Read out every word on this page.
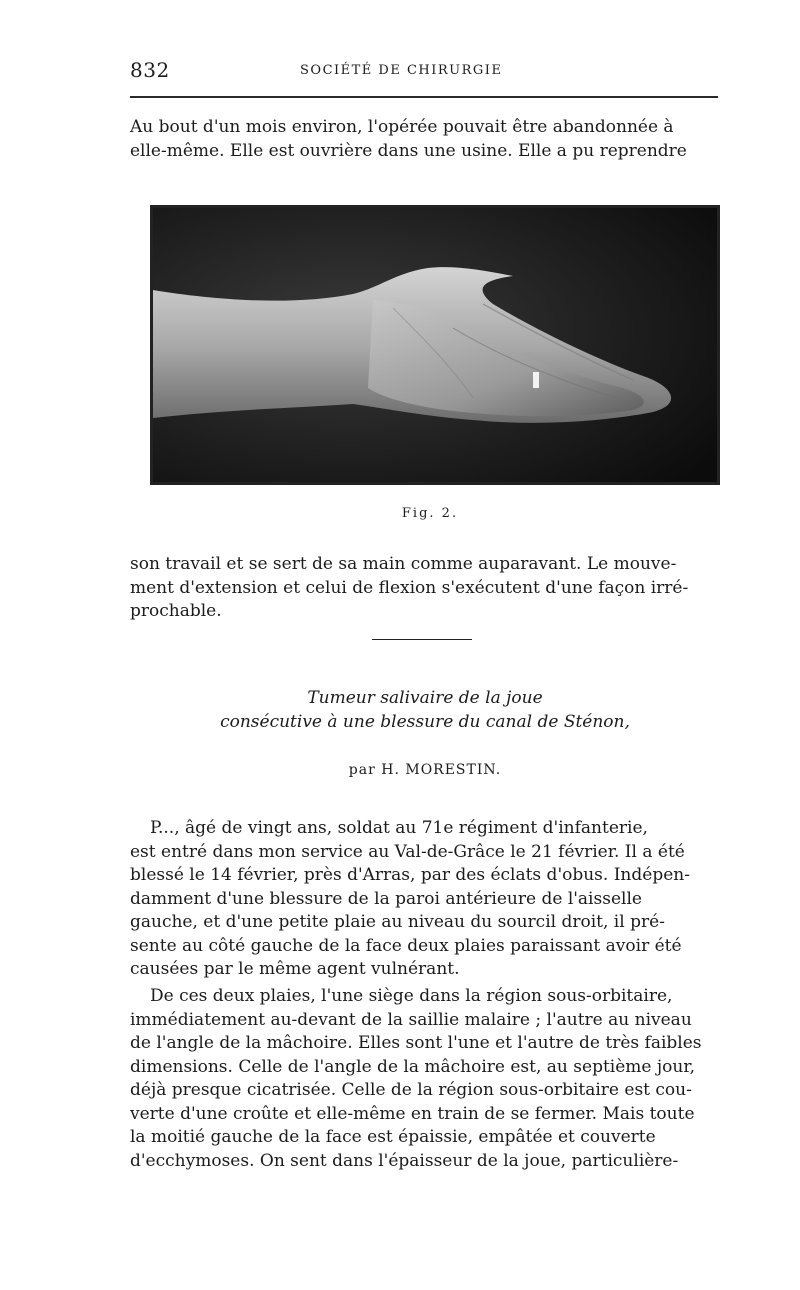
832	SOCIÉTÉ DE CHIRURGIE

Au bout d'un mois environ, l'opérée pouvait être abandonnée à

elle-même. Elle est ouvrière dans une usine. Elle a pu reprendre

Fig. 2.

son travail et se sert de sa main comme auparavant. Le mouve-

ment d'extension et celui de flexion s'exécutent d'une façon irré-

prochable.

Tumeur salivaire de la joue
consécutive à une blessure du canal de Sténon,
par H. MORESTIN.

P..., âgé de vingt ans, soldat au 71e régiment d'infanterie,

est entré dans mon service au Val-de-Grâce le 21 février. Il a été

blessé le 14 février, près d'Arras, par des éclats d'obus. Indépen-

damment d'une blessure de la paroi antérieure de l'aisselle

gauche, et d'une petite plaie au niveau du sourcil droit, il pré-

sente au côté gauche de la face deux plaies paraissant avoir été

causées par le même agent vulnérant.

De ces deux plaies, l'une siège dans la région sous-orbitaire,

immédiatement au-devant de la saillie malaire ; l'autre au niveau

de l'angle de la mâchoire. Elles sont l'une et l'autre de très faibles

dimensions. Celle de l'angle de la mâchoire est, au septième jour,

déjà presque cicatrisée. Celle de la région sous-orbitaire est cou-

verte d'une croûte et elle-même en train de se fermer. Mais toute

la moitié gauche de la face est épaissie, empâtée et couverte

d'ecchymoses. On sent dans l'épaisseur de la joue, particulière-
